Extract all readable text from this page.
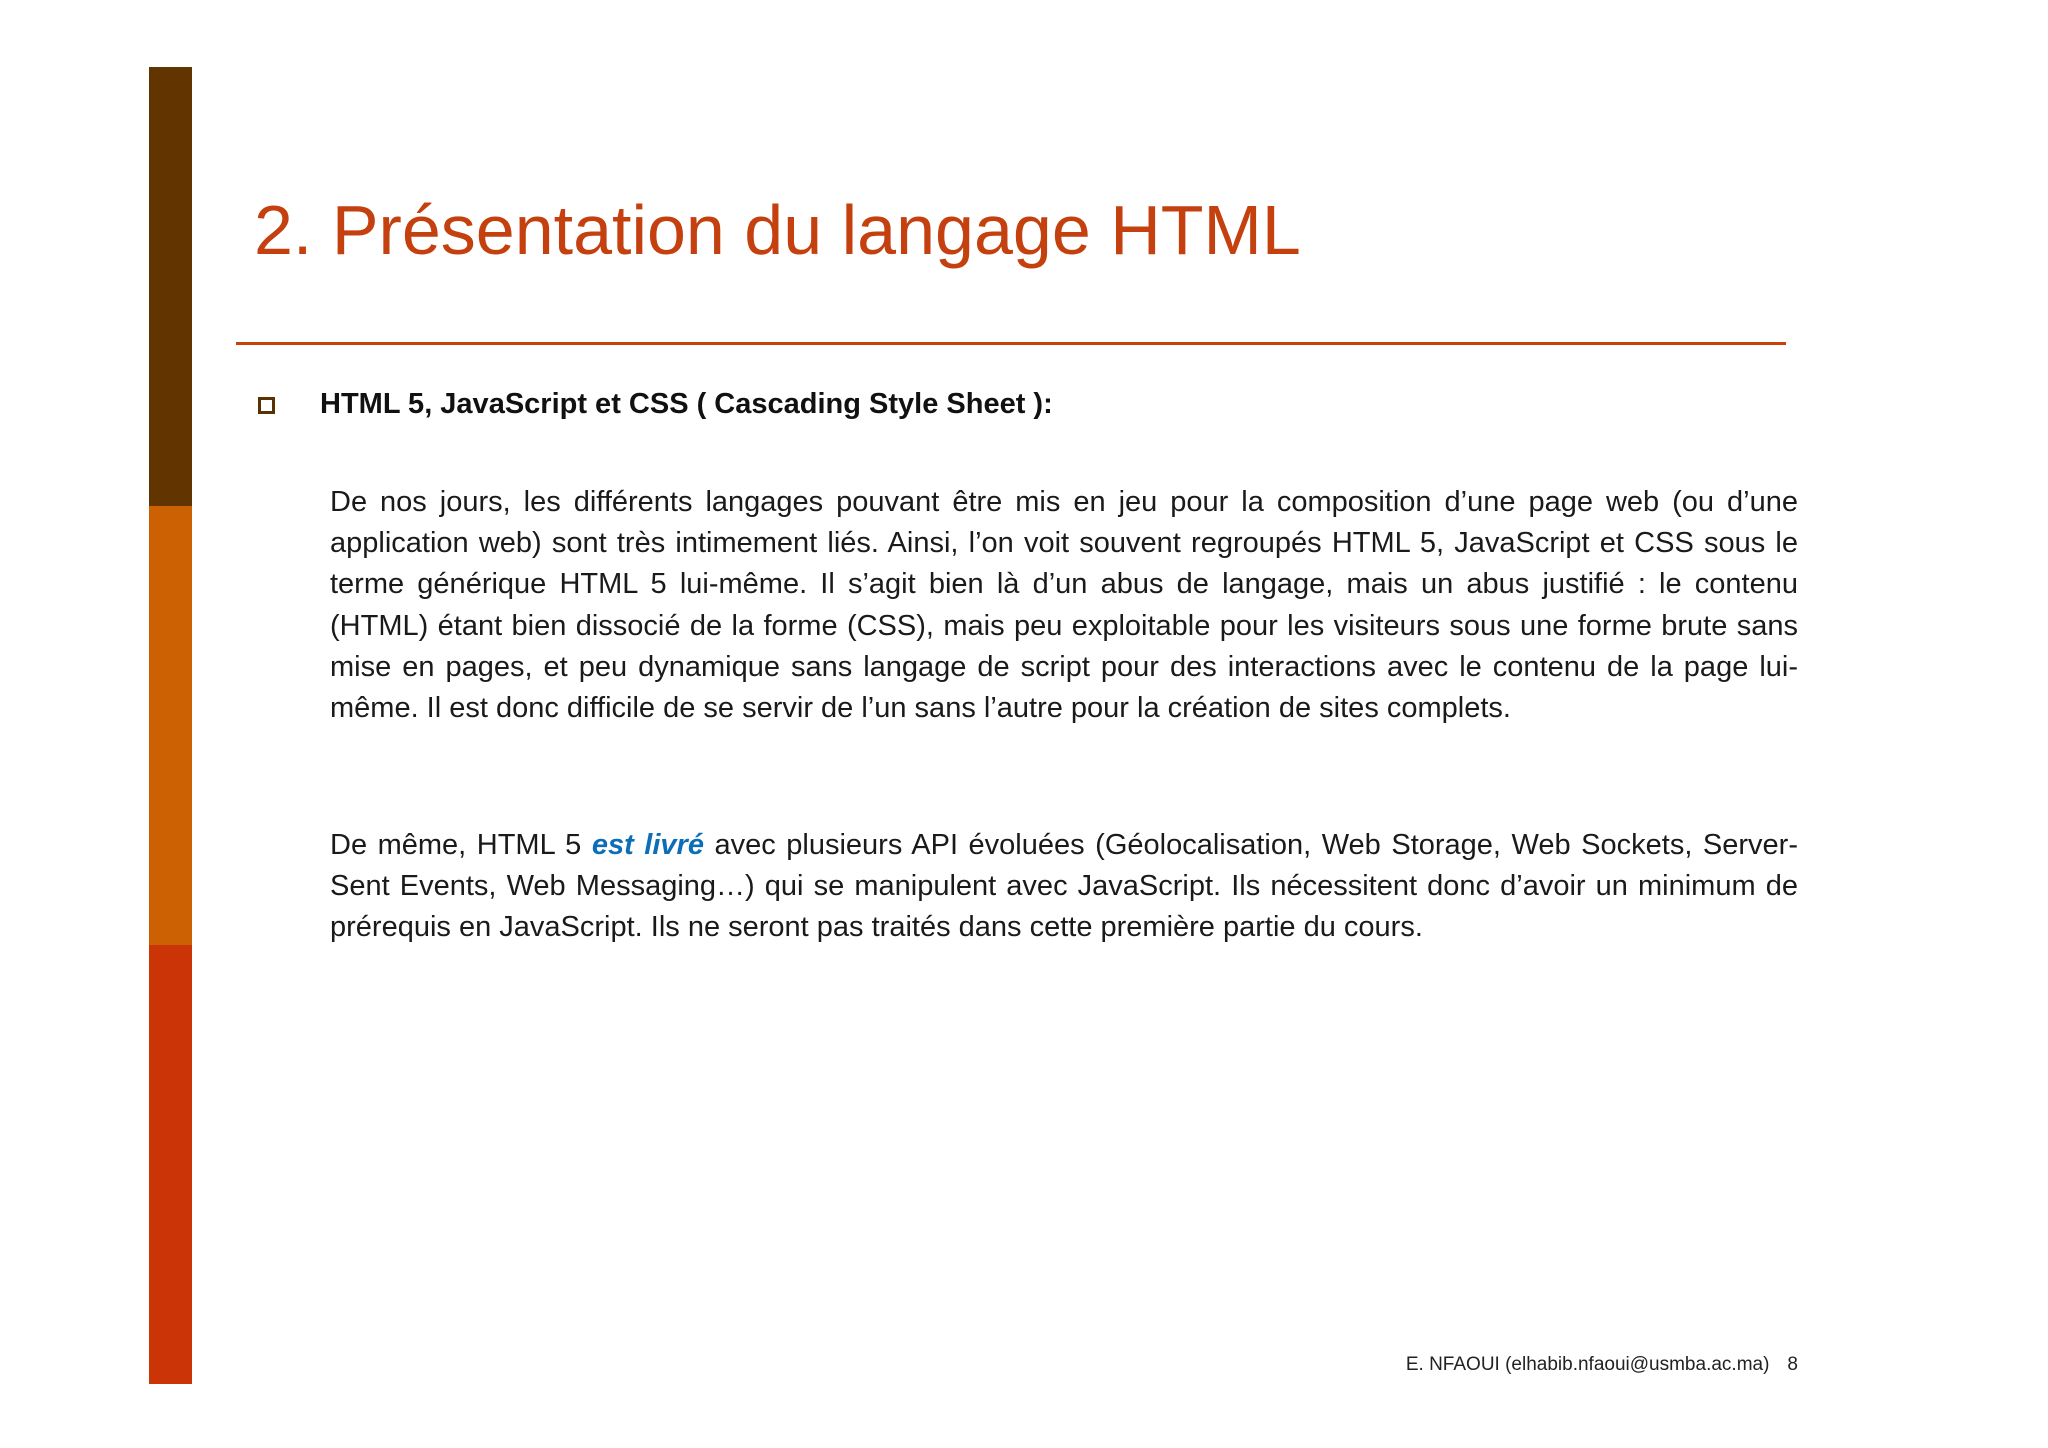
2. Présentation du langage HTML
HTML 5, JavaScript et CSS ( Cascading Style Sheet ):

De nos jours, les différents langages pouvant être mis en jeu pour la composition d’une page web (ou d’une application web) sont très intimement liés. Ainsi, l’on voit souvent regroupés HTML 5, JavaScript et CSS sous le terme générique HTML 5 lui-même. Il s’agit bien là d’un abus de langage, mais un abus justifié : le contenu (HTML) étant bien dissocié de la forme (CSS), mais peu exploitable pour les visiteurs sous une forme brute sans mise en pages, et peu dynamique sans langage de script pour des interactions avec le contenu de la page lui-même. Il est donc difficile de se servir de l’un sans l’autre pour la création de sites complets.

De même, HTML 5 est livré avec plusieurs API évoluées (Géolocalisation, Web Storage, Web Sockets, Server-Sent Events, Web Messaging…) qui se manipulent avec JavaScript. Ils nécessitent donc d’avoir un minimum de prérequis en JavaScript. Ils ne seront pas traités dans cette première partie du cours.

E. NFAOUI (elhabib.nfaoui@usmba.ac.ma) 8
